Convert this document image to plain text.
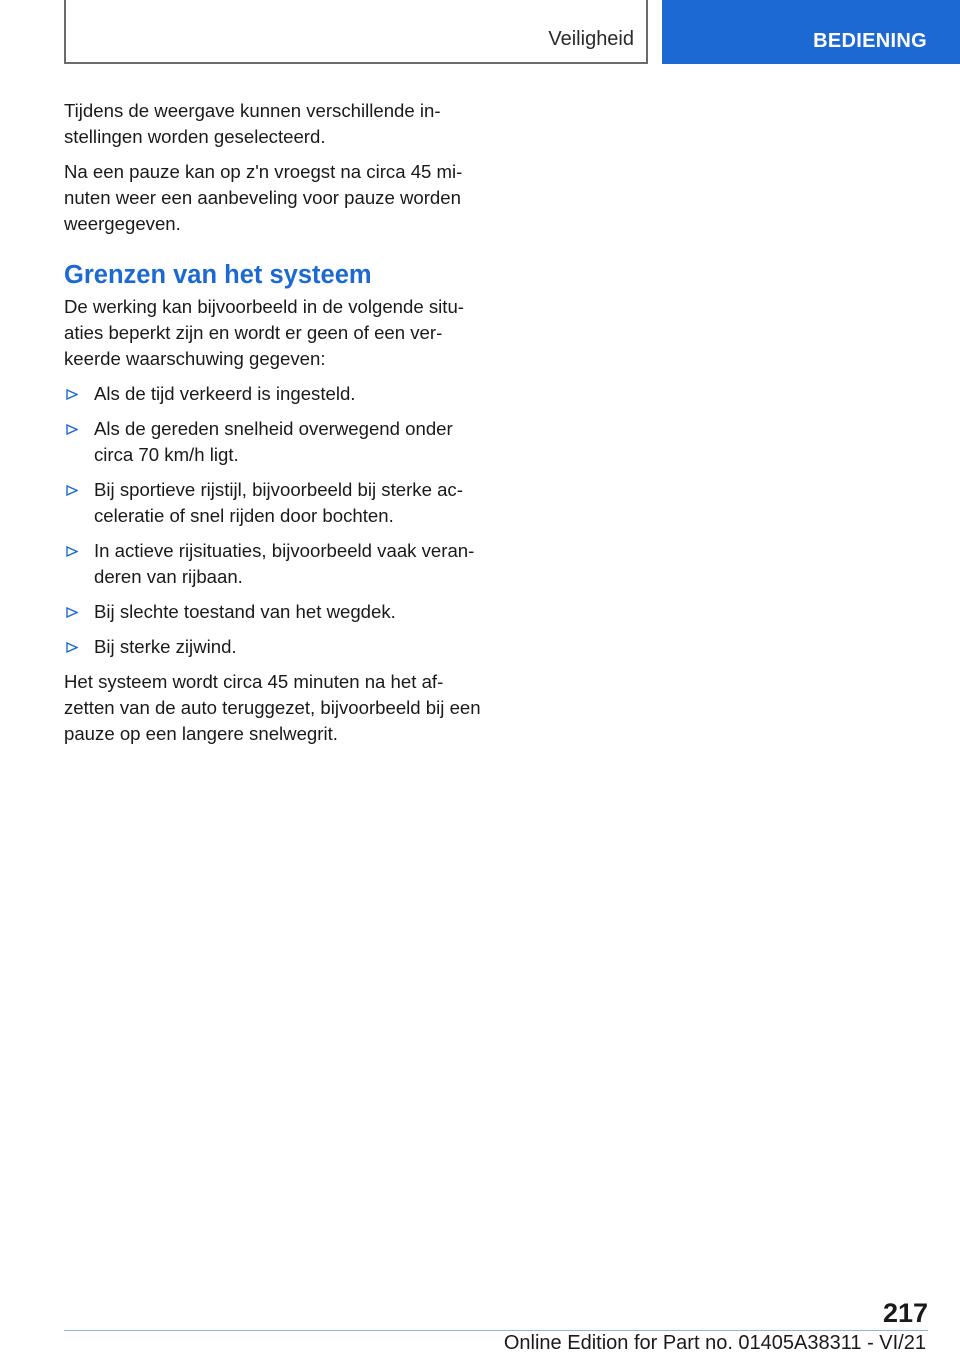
Veiligheid	BEDIENING

Tijdens de weergave kunnen verschillende in‐ stellingen worden geselecteerd.

Na een pauze kan op z'n vroegst na circa 45 mi‐ nuten weer een aanbeveling voor pauze worden weergegeven.

Grenzen van het systeem

De werking kan bijvoorbeeld in de volgende situ‐ aties beperkt zijn en wordt er geen of een ver‐ keerde waarschuwing gegeven:

Als de tijd verkeerd is ingesteld.
Als de gereden snelheid overwegend onder circa 70 km/h ligt.
Bij sportieve rijstijl, bijvoorbeeld bij sterke ac‐ celeratie of snel rijden door bochten.
In actieve rijsituaties, bijvoorbeeld vaak veran‐ deren van rijbaan.
Bij slechte toestand van het wegdek.
Bij sterke zijwind.

Het systeem wordt circa 45 minuten na het af‐ zetten van de auto teruggezet, bijvoorbeeld bij een pauze op een langere snelwegrit.

217
Online Edition for Part no. 01405A38311 - VI/21
